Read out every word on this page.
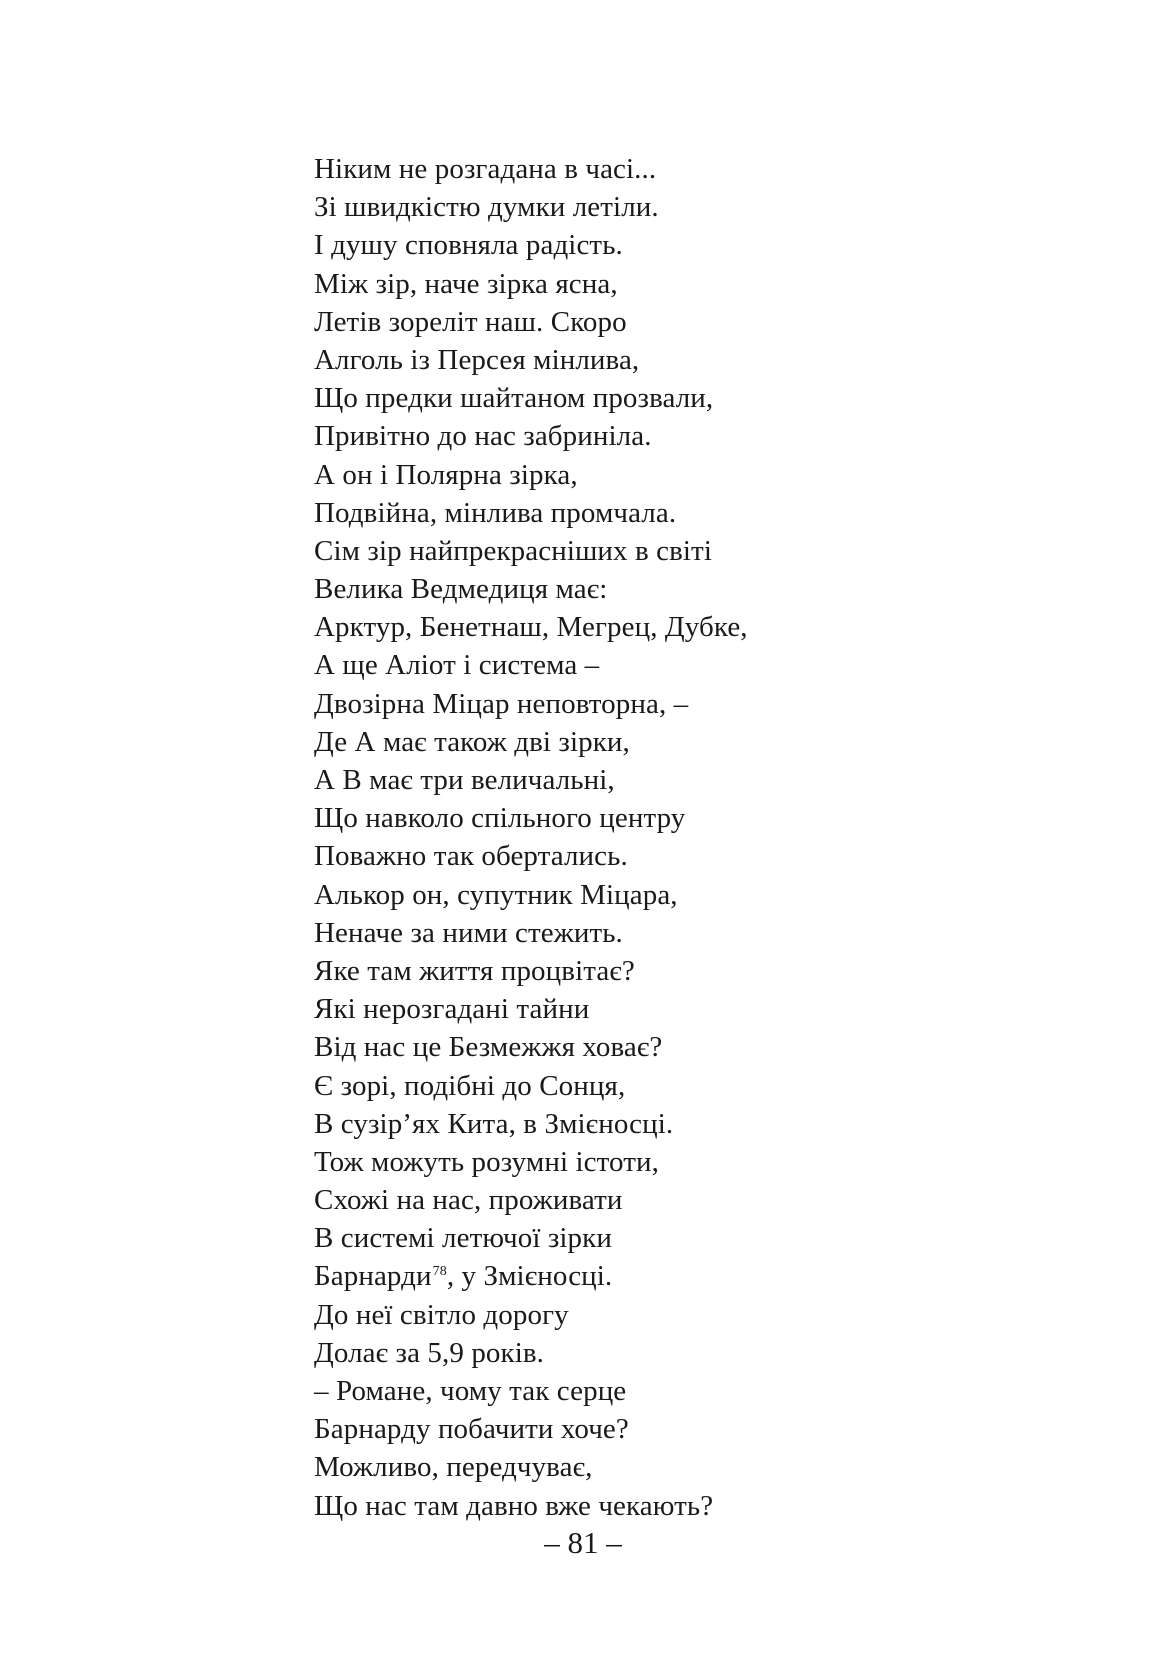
Ніким не розгадана в часі...
Зі швидкістю думки летіли.
І душу сповняла радість.
Між зір, наче зірка ясна,
Летів зореліт наш. Скоро
Алголь із Персея мінлива,
Що предки шайтаном прозвали,
Привітно до нас забриніла.
А он і Полярна зірка,
Подвійна, мінлива промчала.
Сім зір найпрекрасніших в світі
Велика Ведмедиця має:
Арктур, Бенетнаш, Мегрец, Дубке,
А ще Аліот і система –
Двозірна Міцар неповторна, –
Де А має також дві зірки,
А В має три величальні,
Що навколо спільного центру
Поважно так обертались.
Алькор он, супутник Міцара,
Неначе за ними стежить.
Яке там життя процвітає?
Які нерозгадані тайни
Від нас це Безмежжя ховає?
Є зорі, подібні до Сонця,
В сузір’ях Кита, в Змієносці.
Тож можуть розумні істоти,
Схожі на нас, проживати
В системі летючої зірки
Барнарди$^{78}$, у Змієносці.
До неї світло дорогу
Долає за 5,9 років.
– Романе, чому так серце
Барнарду побачити хоче?
Можливо, передчуває,
Що нас там давно вже чекають?

– 81 –
